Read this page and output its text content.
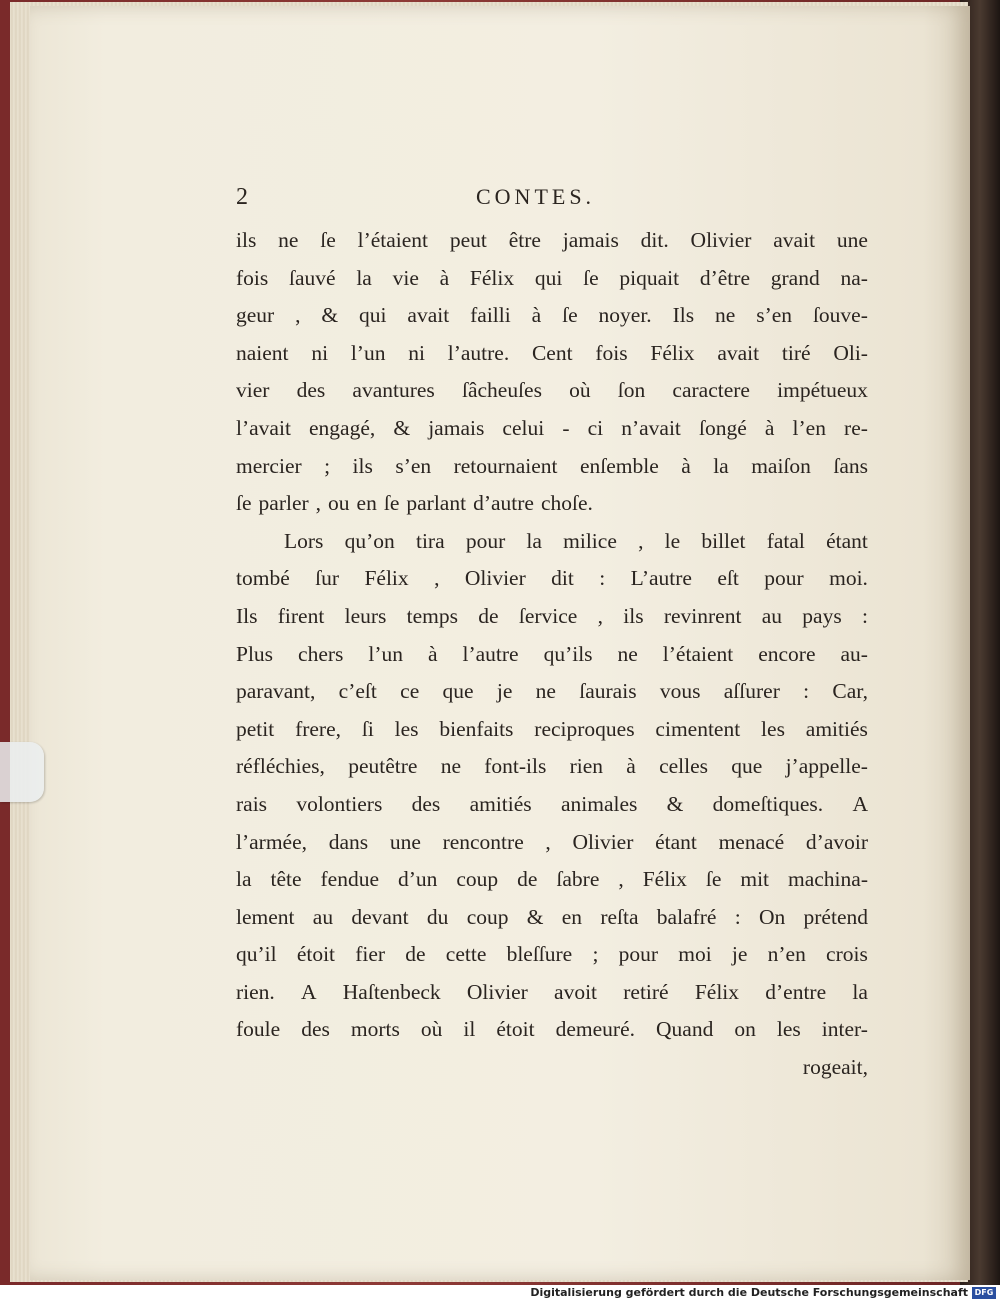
2	CONTES.
ils ne ſe l’étaient peut être jamais dit. Olivier avait une
fois ſauvé la vie à Félix qui ſe piquait d’être grand na-
geur , & qui avait failli à ſe noyer. Ils ne s’en ſouve-
naient ni l’un ni l’autre. Cent fois Félix avait tiré Oli-
vier des avantures ſâcheuſes où ſon caractere impétueux
l’avait engagé, & jamais celui - ci n’avait ſongé à l’en re-
mercier ; ils s’en retournaient enſemble à la maiſon ſans
ſe parler , ou en ſe parlant d’autre choſe.
Lors qu’on tira pour la milice , le billet fatal étant
tombé ſur Félix , Olivier dit : L’autre eſt pour moi.
Ils firent leurs temps de ſervice , ils revinrent au pays :
Plus chers l’un à l’autre qu’ils ne l’étaient encore au-
paravant, c’eſt ce que je ne ſaurais vous aſſurer : Car,
petit frere, ſi les bienfaits reciproques cimentent les amitiés
réfléchies, peutêtre ne font-ils rien à celles que j’appelle-
rais volontiers des amitiés animales & domeſtiques. A
l’armée, dans une rencontre , Olivier étant menacé d’avoir
la tête fendue d’un coup de ſabre , Félix ſe mit machina-
lement au devant du coup & en reſta balafré : On prétend
qu’il étoit fier de cette bleſſure ; pour moi je n’en crois
rien. A Haſtenbeck Olivier avoit retiré Félix d’entre la
foule des morts où il étoit demeuré. Quand on les inter-
rogeait,
Digitalisierung gefördert durch die Deutsche Forschungsgemeinschaft DFG
